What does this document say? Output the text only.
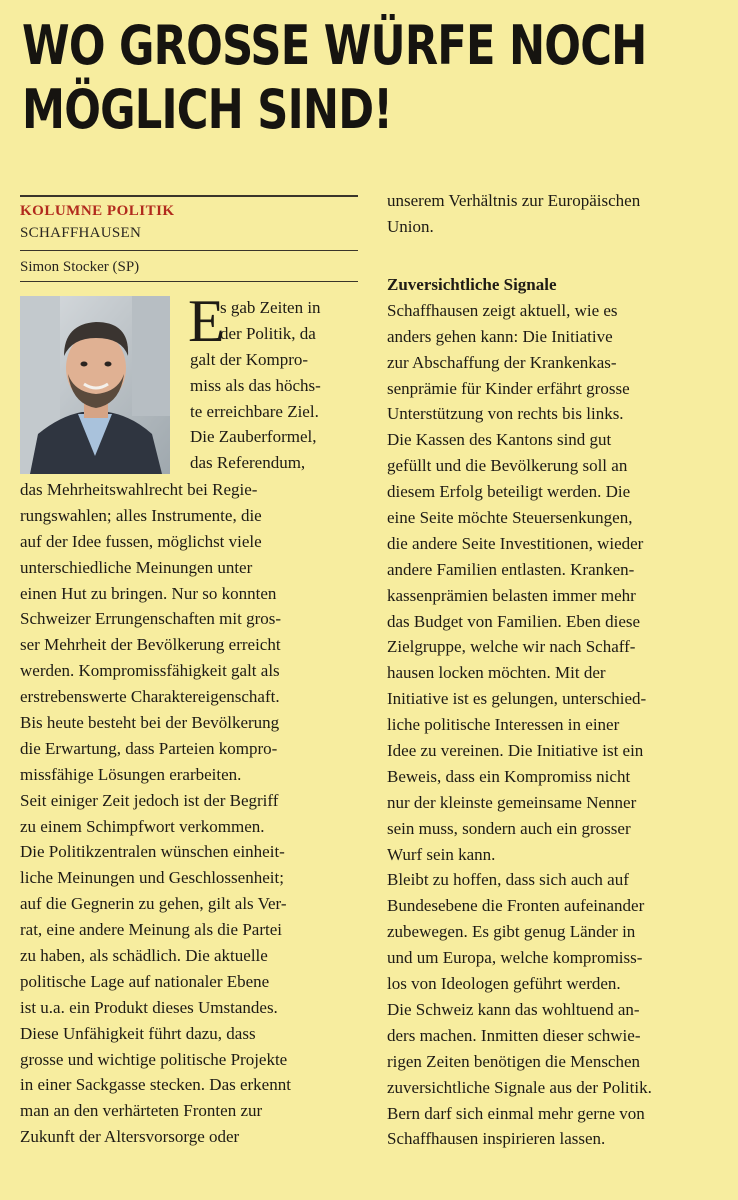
WO GROSSE WÜRFE NOCH
MÖGLICH SIND!

KOLUMNE POLITIK

SCHAFFHAUSEN

Simon Stocker (SP)

E
s gab Zeiten in
der Politik, da
galt der Kompro-
miss als das höchs-
te erreichbare Ziel.
Die Zauberformel,
das Referendum,
das Mehrheitswahlrecht bei Regie-
rungswahlen; alles Instrumente, die
auf der Idee fussen, möglichst viele
unterschiedliche Meinungen unter
einen Hut zu bringen. Nur so konnten
Schweizer Errungenschaften mit gros-
ser Mehrheit der Bevölkerung erreicht
werden. Kompromissfähigkeit galt als
erstrebenswerte Charaktereigenschaft.
Bis heute besteht bei der Bevölkerung
die Erwartung, dass Parteien kompro-
missfähige Lösungen erarbeiten.
Seit einiger Zeit jedoch ist der Begriff
zu einem Schimpfwort verkommen.
Die Politikzentralen wünschen einheit-
liche Meinungen und Geschlossenheit;
auf die Gegnerin zu gehen, gilt als Ver-
rat, eine andere Meinung als die Partei
zu haben, als schädlich. Die aktuelle
politische Lage auf nationaler Ebene
ist u.a. ein Produkt dieses Umstandes.
Diese Unfähigkeit führt dazu, dass
grosse und wichtige politische Projekte
in einer Sackgasse stecken. Das erkennt
man an den verhärteten Fronten zur
Zukunft der Altersvorsorge oder
unserem Verhältnis zur Europäischen
Union.
Zuversichtliche Signale
Schaffhausen zeigt aktuell, wie es
anders gehen kann: Die Initiative
zur Abschaffung der Krankenkas-
senprämie für Kinder erfährt grosse
Unterstützung von rechts bis links.
Die Kassen des Kantons sind gut
gefüllt und die Bevölkerung soll an
diesem Erfolg beteiligt werden. Die
eine Seite möchte Steuersenkungen,
die andere Seite Investitionen, wieder
andere Familien entlasten. Kranken-
kassenprämien belasten immer mehr
das Budget von Familien. Eben diese
Zielgruppe, welche wir nach Schaff-
hausen locken möchten. Mit der
Initiative ist es gelungen, unterschied-
liche politische Interessen in einer
Idee zu vereinen. Die Initiative ist ein
Beweis, dass ein Kompromiss nicht
nur der kleinste gemeinsame Nenner
sein muss, sondern auch ein grosser
Wurf sein kann.
Bleibt zu hoffen, dass sich auch auf
Bundesebene die Fronten aufeinander
zubewegen. Es gibt genug Länder in
und um Europa, welche kompromiss-
los von Ideologen geführt werden.
Die Schweiz kann das wohltuend an-
ders machen. Inmitten dieser schwie-
rigen Zeiten benötigen die Menschen
zuversichtliche Signale aus der Politik.
Bern darf sich einmal mehr gerne von
Schaffhausen inspirieren lassen.
